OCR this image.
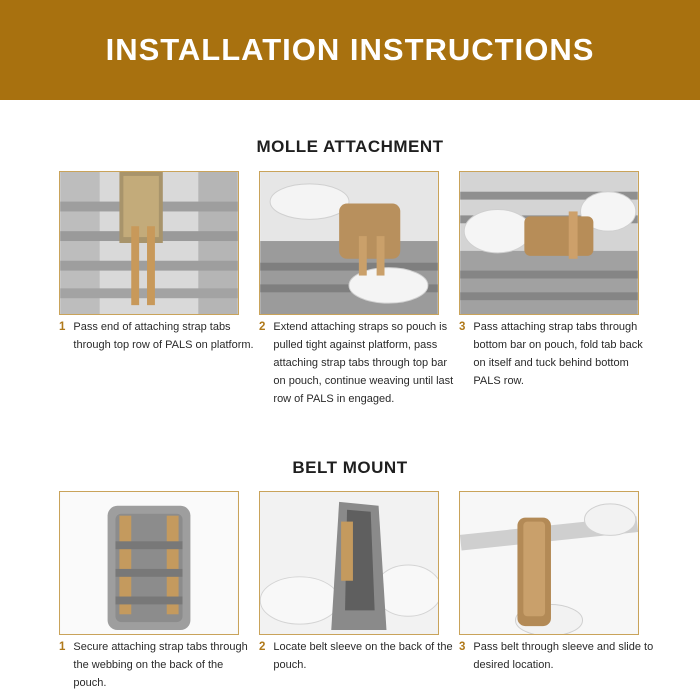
INSTALLATION INSTRUCTIONS
MOLLE ATTACHMENT
1 Pass end of attaching strap tabs through top row of PALS on platform.
2 Extend attaching straps so pouch is pulled tight against platform, pass attaching strap tabs through top bar on pouch, continue weaving until last row of PALS in engaged.
3 Pass attaching strap tabs through bottom bar on pouch, fold tab back on itself and tuck behind bottom PALS row.
BELT MOUNT
1 Secure attaching strap tabs through the webbing on the back of the pouch.
2 Locate belt sleeve on the back of the pouch.
3 Pass belt through sleeve and slide to desired location.
